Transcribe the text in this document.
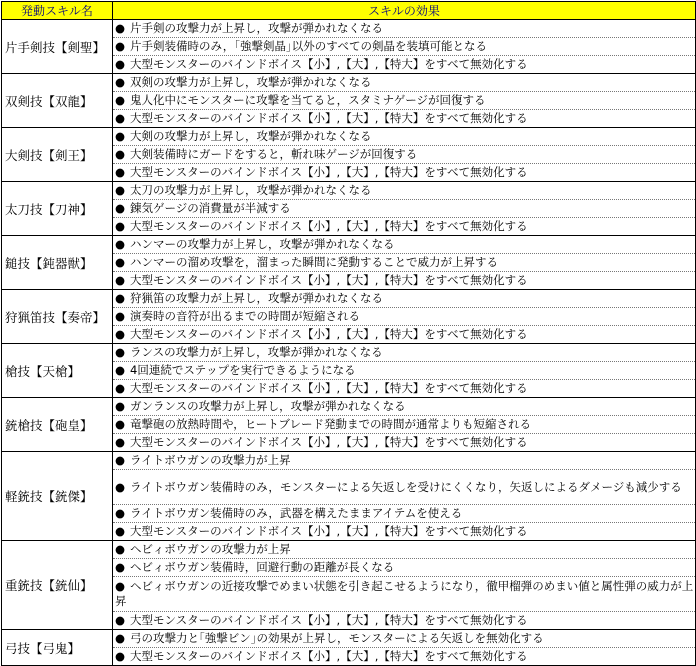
発動スキル名	スキルの効果
片手剣技【剣聖】	● 片手剣の攻撃力が上昇し，攻撃が弾かれなくなる
	● 片手剣装備時のみ，｢強撃剣晶｣以外のすべての剣晶を装填可能となる
	● 大型モンスターのバインドボイス【小】,【大】,【特大】をすべて無効化する
双剣技【双龍】	● 双剣の攻撃力が上昇し，攻撃が弾かれなくなる
	● 鬼人化中にモンスターに攻撃を当てると，スタミナゲージが回復する
	● 大型モンスターのバインドボイス【小】,【大】,【特大】をすべて無効化する
大剣技【剣王】	● 大剣の攻撃力が上昇し，攻撃が弾かれなくなる
	● 大剣装備時にガードをすると，斬れ味ゲージが回復する
	● 大型モンスターのバインドボイス【小】,【大】,【特大】をすべて無効化する
太刀技【刀神】	● 太刀の攻撃力が上昇し，攻撃が弾かれなくなる
	● 錬気ゲージの消費量が半減する
	● 大型モンスターのバインドボイス【小】,【大】,【特大】をすべて無効化する
鎚技【鈍器獣】	● ハンマーの攻撃力が上昇し，攻撃が弾かれなくなる
	● ハンマーの溜め攻撃を，溜まった瞬間に発動することで威力が上昇する
	● 大型モンスターのバインドボイス【小】,【大】,【特大】をすべて無効化する
狩猟笛技【奏帝】	● 狩猟笛の攻撃力が上昇し，攻撃が弾かれなくなる
	● 演奏時の音符が出るまでの時間が短縮される
	● 大型モンスターのバインドボイス【小】,【大】,【特大】をすべて無効化する
槍技【天槍】	● ランスの攻撃力が上昇し，攻撃が弾かれなくなる
	● 4回連続でステップを実行できるようになる
	● 大型モンスターのバインドボイス【小】,【大】,【特大】をすべて無効化する
銃槍技【砲皇】	● ガンランスの攻撃力が上昇し，攻撃が弾かれなくなる
	● 竜撃砲の放熱時間や，ヒートブレード発動までの時間が通常よりも短縮される
	● 大型モンスターのバインドボイス【小】,【大】,【特大】をすべて無効化する
軽銃技【銃傑】	● ライトボウガンの攻撃力が上昇
	● ライトボウガン装備時のみ，モンスターによる矢返しを受けにくくなり，矢返しによるダメージも減少する
	● ライトボウガン装備時のみ，武器を構えたままアイテムを使える
	● 大型モンスターのバインドボイス【小】,【大】,【特大】をすべて無効化する
重銃技【銃仙】	● ヘビィボウガンの攻撃力が上昇
	● ヘビィボウガン装備時，回避行動の距離が長くなる
	● ヘビィボウガンの近接攻撃でめまい状態を引き起こせるようになり，徹甲榴弾のめまい値と属性弾の威力が上昇
	● 大型モンスターのバインドボイス【小】,【大】,【特大】をすべて無効化する
弓技【弓鬼】	● 弓の攻撃力と｢強撃ビン｣の効果が上昇し，モンスターによる矢返しを無効化する
	● 大型モンスターのバインドボイス【小】,【大】,【特大】をすべて無効化する
